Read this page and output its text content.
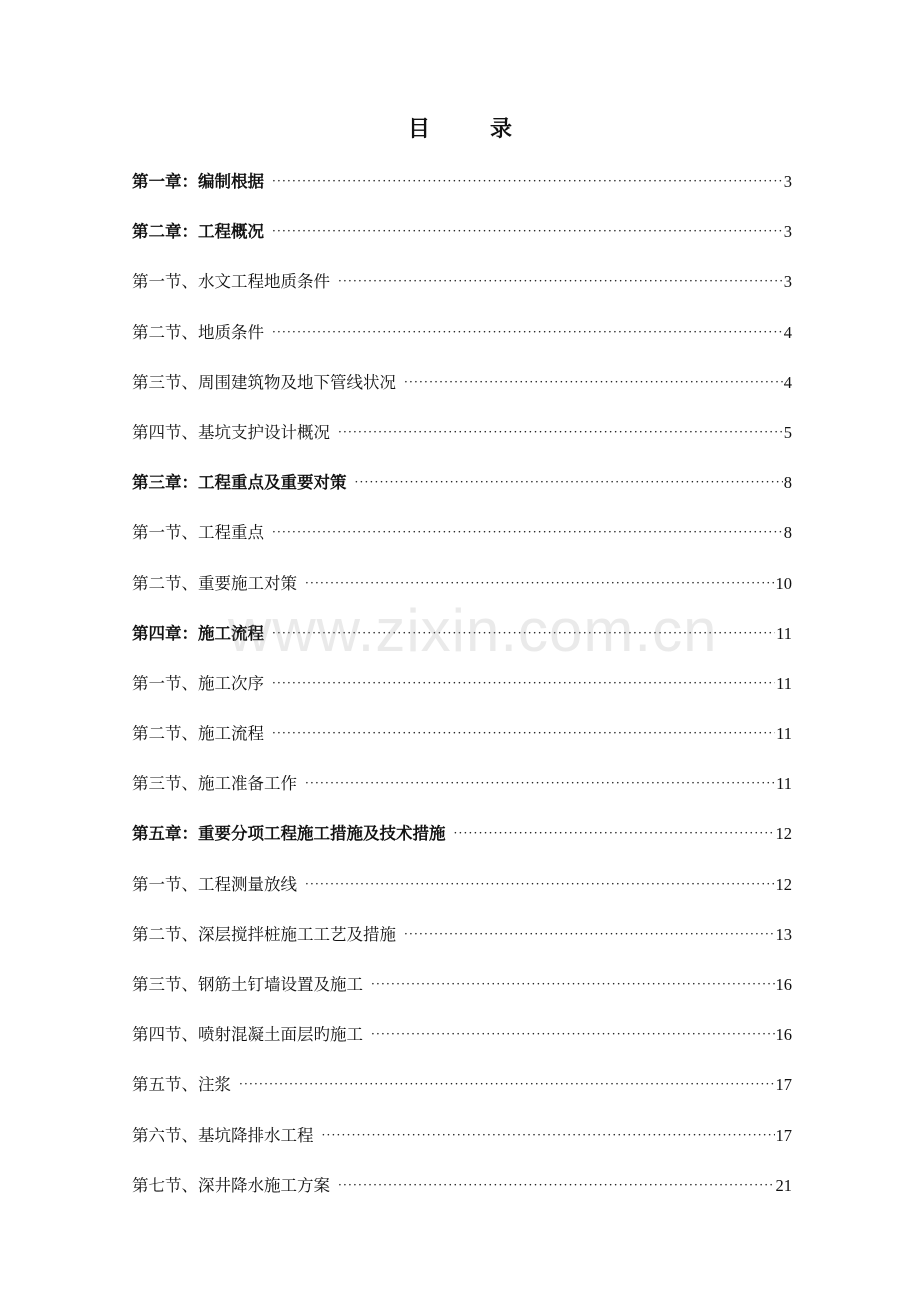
目	录
第一章：编制根据 ·····	3
第二章：工程概况 ·····	3
第一节、水文工程地质条件 ·····	3
第二节、地质条件 ·····	4
第三节、周围建筑物及地下管线状况 ·····	4
第四节、基坑支护设计概况 ·····	5
第三章：工程重点及重要对策 ·····	8
第一节、工程重点 ·····	8
第二节、重要施工对策 ·····	10
第四章：施工流程 ·····	11
第一节、施工次序 ·····	11
第二节、施工流程 ·····	11
第三节、施工准备工作 ·····	11
第五章：重要分项工程施工措施及技术措施 ·····	12
第一节、工程测量放线 ·····	12
第二节、深层搅拌桩施工工艺及措施 ·····	13
第三节、钢筋土钉墙设置及施工 ·····	16
第四节、喷射混凝土面层旳施工 ·····	16
第五节、注浆 ·····	17
第六节、基坑降排水工程 ·····	17
第七节、深井降水施工方案 ·····	21
www.zixin.com.cn
